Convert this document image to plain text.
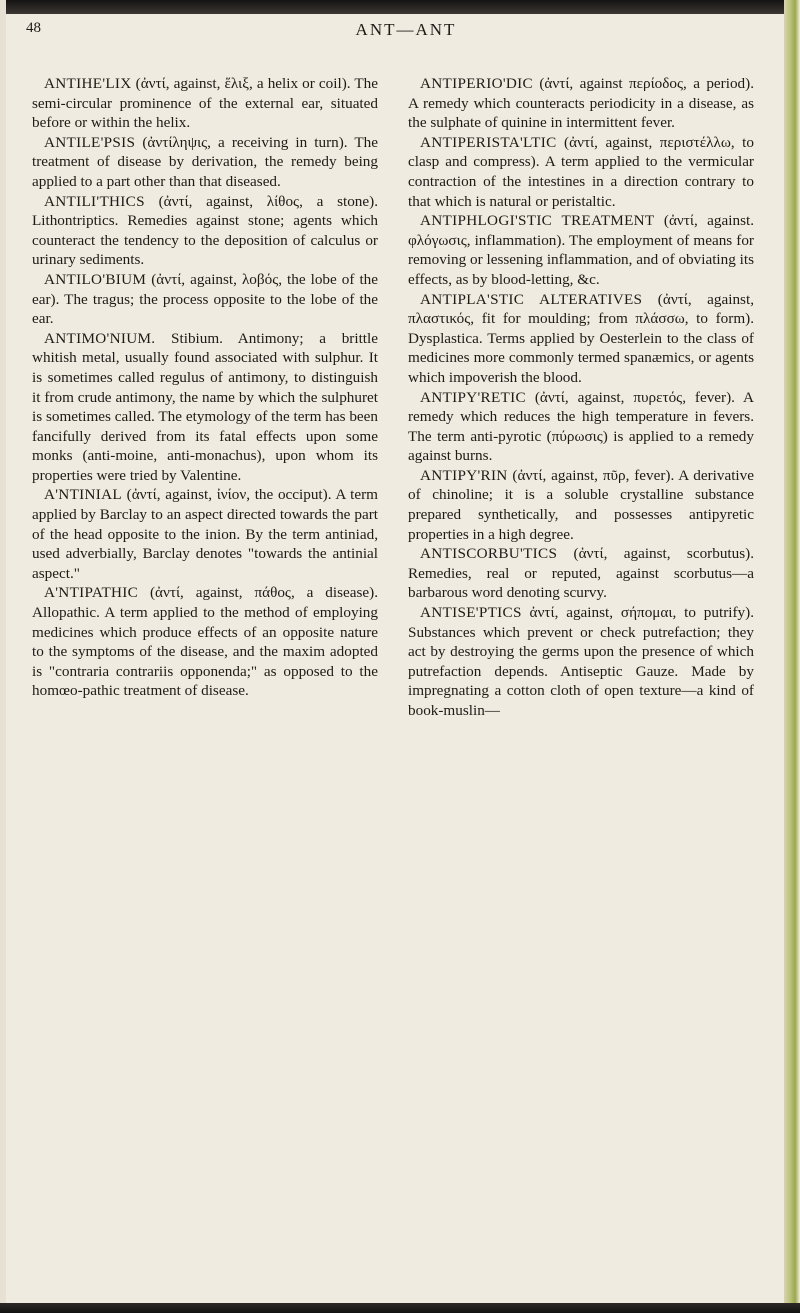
48	ANT—ANT

ANTIHE'LIX (ἀντί, against, ἕλιξ, a helix or coil). The semi-circular prominence of the external ear, situated before or within the helix.

ANTILE'PSIS (ἀντίληψις, a receiving in turn). The treatment of disease by derivation, the remedy being applied to a part other than that diseased.

ANTILI'THICS (ἀντί, against, λίθος, a stone). Lithontriptics. Remedies against stone; agents which counteract the tendency to the deposition of calculus or urinary sediments.

ANTILO'BIUM (ἀντί, against, λοβός, the lobe of the ear). The tragus; the process opposite to the lobe of the ear.

ANTIMO'NIUM. Stibium. Antimony; a brittle whitish metal, usually found associated with sulphur. It is sometimes called regulus of antimony, to distinguish it from crude antimony, the name by which the sulphuret is sometimes called. The etymology of the term has been fancifully derived from its fatal effects upon some monks (anti-moine, anti-monachus), upon whom its properties were tried by Valentine.

A'NTINIAL (ἀντί, against, ἰνίον, the occiput). A term applied by Barclay to an aspect directed towards the part of the head opposite to the inion. By the term antiniad, used adverbially, Barclay denotes "towards the antinial aspect."

A'NTIPATHIC (ἀντί, against, πάθος, a disease). Allopathic. A term applied to the method of employing medicines which produce effects of an opposite nature to the symptoms of the disease, and the maxim adopted is "contraria contrariis opponenda;" as opposed to the homœo-pathic treatment of disease.

ANTIPERIO'DIC (ἀντί, against περίοδος, a period). A remedy which counteracts periodicity in a disease, as the sulphate of quinine in intermittent fever.

ANTIPERISTA'LTIC (ἀντί, against, περιστέλλω, to clasp and compress). A term applied to the vermicular contraction of the intestines in a direction contrary to that which is natural or peristaltic.

ANTIPHLOGI'STIC TREATMENT (ἀντί, against. φλόγωσις, inflammation). The employment of means for removing or lessening inflammation, and of obviating its effects, as by blood-letting, &c.

ANTIPLA'STIC ALTERATIVES (ἀντί, against, πλαστικός, fit for moulding; from πλάσσω, to form). Dysplastica. Terms applied by Oesterlein to the class of medicines more commonly termed spanæmics, or agents which impoverish the blood.

ANTIPY'RETIC (ἀντί, against, πυρετός, fever). A remedy which reduces the high temperature in fevers. The term anti-pyrotic (πύρωσις) is applied to a remedy against burns.

ANTIPY'RIN (ἀντί, against, πῦρ, fever). A derivative of chinoline; it is a soluble crystalline substance prepared synthetically, and possesses antipyretic properties in a high degree.

ANTISCORBU'TICS (ἀντί, against, scorbutus). Remedies, real or reputed, against scorbutus—a barbarous word denoting scurvy.

ANTISE'PTICS ἀντί, against, σήπομαι, to putrify). Substances which prevent or check putrefaction; they act by destroying the germs upon the presence of which putrefaction depends. Antiseptic Gauze. Made by impregnating a cotton cloth of open texture—a kind of book-muslin—
